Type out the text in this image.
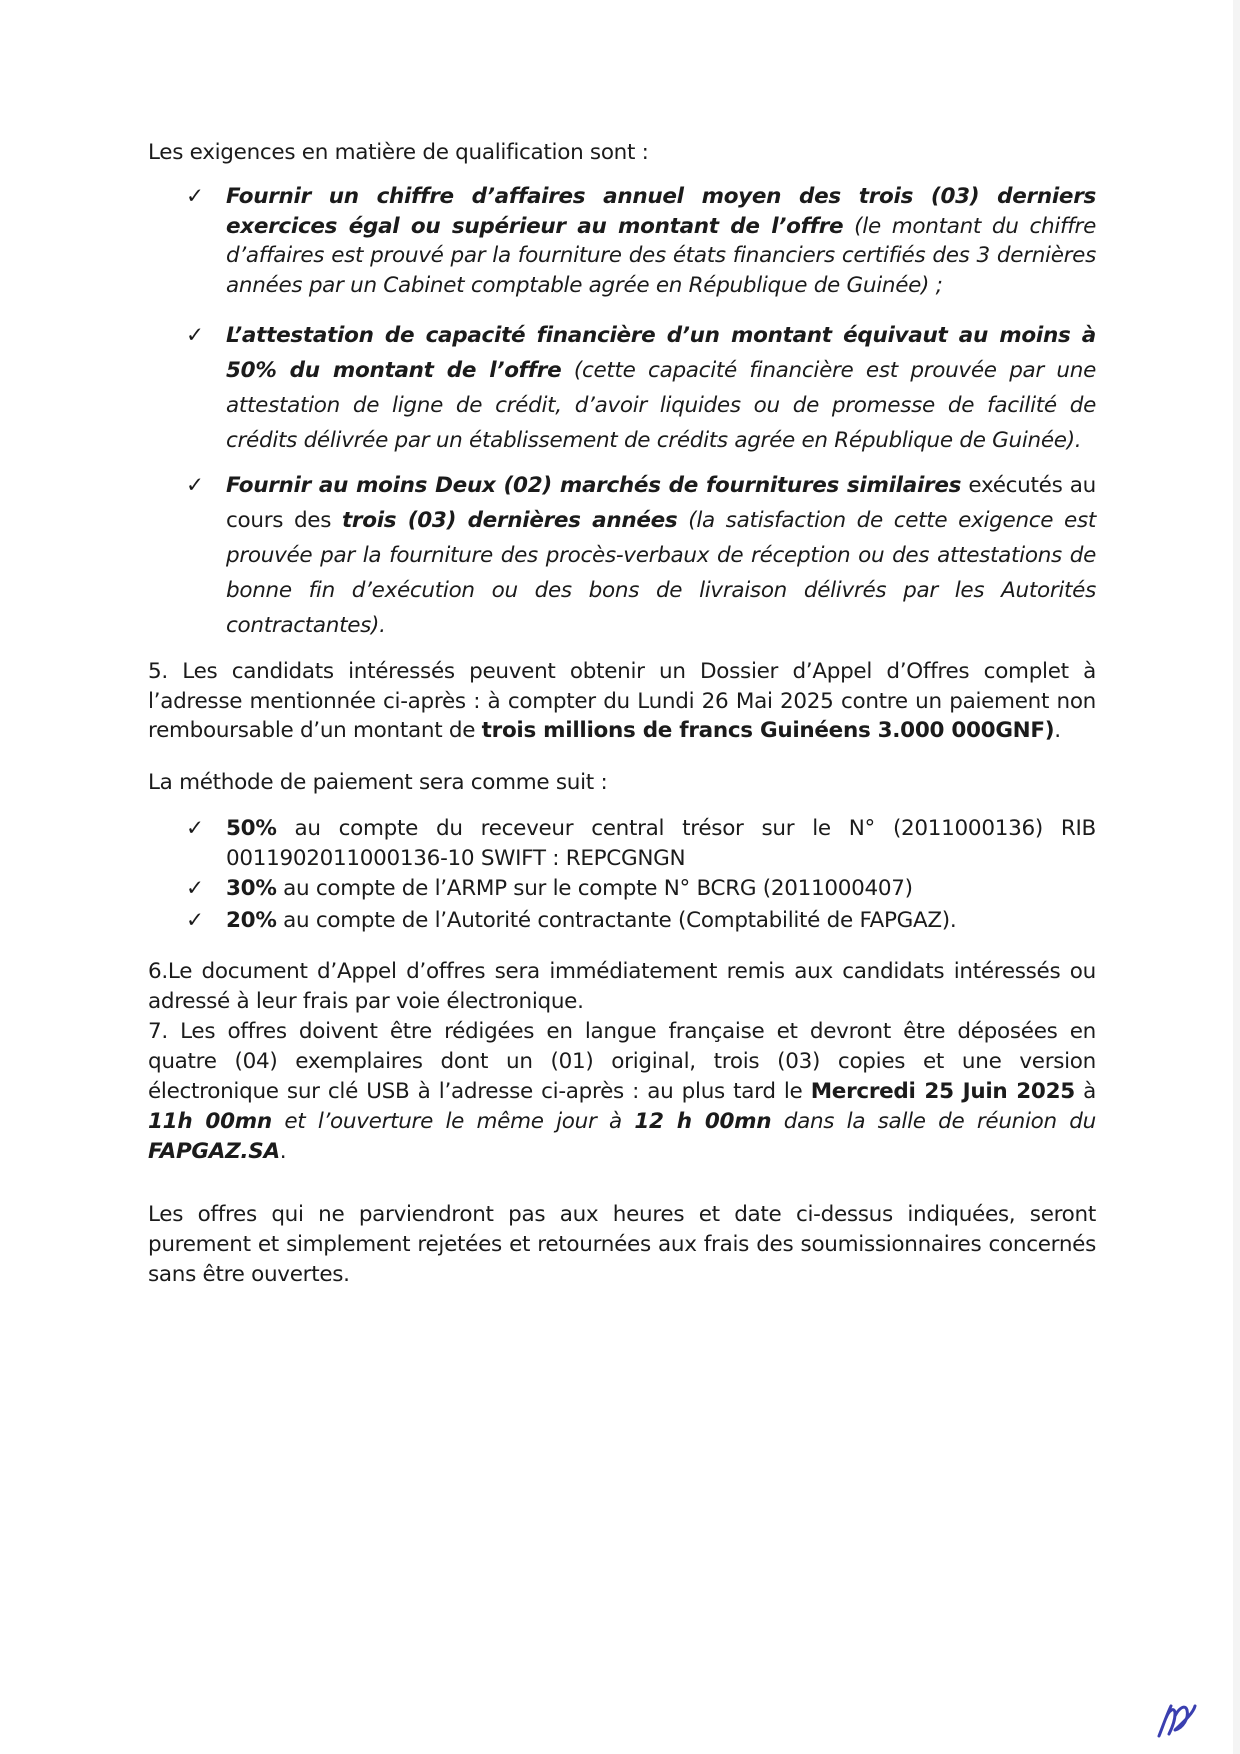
Les exigences en matière de qualification sont :

✓ Fournir un chiffre d’affaires annuel moyen des trois (03) derniers exercices égal ou supérieur au montant de l’offre (le montant du chiffre d’affaires est prouvé par la fourniture des états financiers certifiés des 3 dernières années par un Cabinet comptable agrée en République de Guinée) ;
✓ L’attestation de capacité financière d’un montant équivaut au moins à 50% du montant de l’offre (cette capacité financière est prouvée par une attestation de ligne de crédit, d’avoir liquides ou de promesse de facilité de crédits délivrée par un établissement de crédits agrée en République de Guinée).
✓ Fournir au moins Deux (02) marchés de fournitures similaires exécutés au cours des trois (03) dernières années (la satisfaction de cette exigence est prouvée par la fourniture des procès-verbaux de réception ou des attestations de bonne fin d’exécution ou des bons de livraison délivrés par les Autorités contractantes).

5. Les candidats intéressés peuvent obtenir un Dossier d’Appel d’Offres complet à l’adresse mentionnée ci-après : à compter du Lundi 26 Mai 2025 contre un paiement non remboursable d’un montant de trois millions de francs Guinéens 3.000 000GNF).

La méthode de paiement sera comme suit :

✓ 50% au compte du receveur central trésor sur le N° (2011000136) RIB 0011902011000136-10 SWIFT : REPCGNGN
✓ 30% au compte de l’ARMP sur le compte N° BCRG (2011000407)
✓ 20% au compte de l’Autorité contractante (Comptabilité de FAPGAZ).

6.Le document d’Appel d’offres sera immédiatement remis aux candidats intéressés ou adressé à leur frais par voie électronique.

7. Les offres doivent être rédigées en langue française et devront être déposées en quatre (04) exemplaires dont un (01) original, trois (03) copies et une version électronique sur clé USB à l’adresse ci-après : au plus tard le Mercredi 25 Juin 2025 à 11h 00mn et l’ouverture le même jour à 12 h 00mn dans la salle de réunion du FAPGAZ.SA.

Les offres qui ne parviendront pas aux heures et date ci-dessus indiquées, seront purement et simplement rejetées et retournées aux frais des soumissionnaires concernés sans être ouvertes.
